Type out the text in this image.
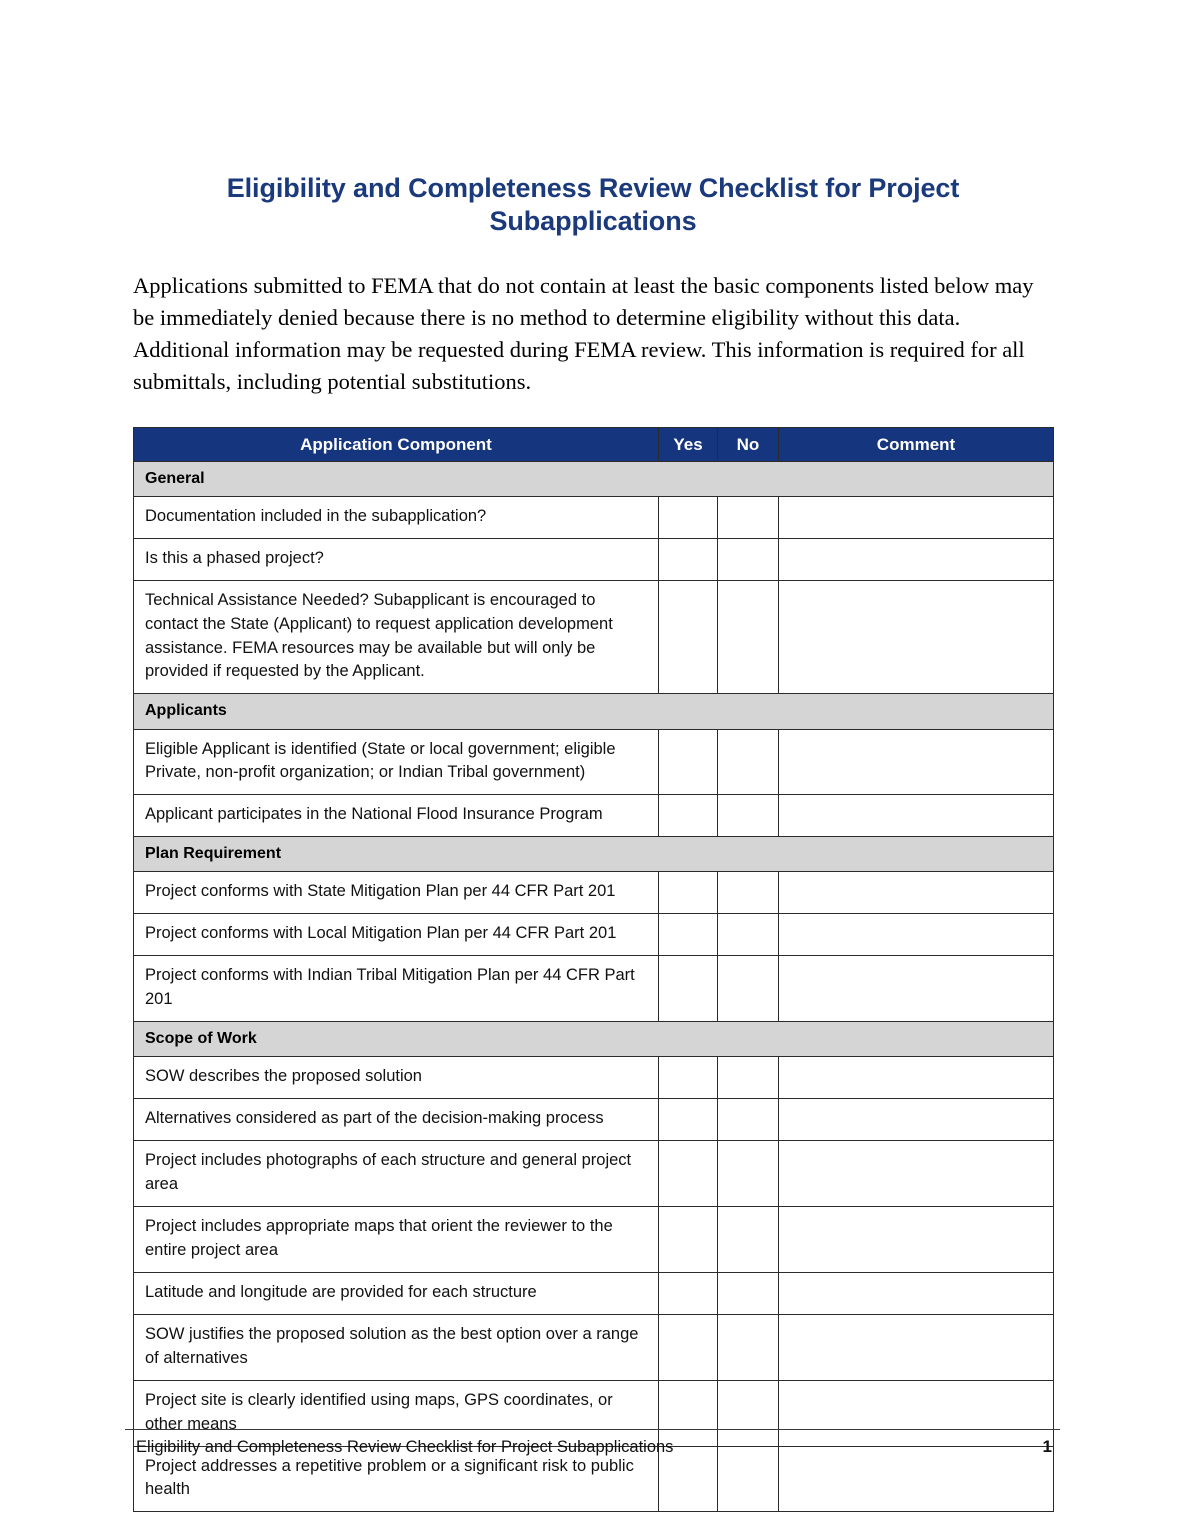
Eligibility and Completeness Review Checklist for Project Subapplications

Applications submitted to FEMA that do not contain at least the basic components listed below may be immediately denied because there is no method to determine eligibility without this data. Additional information may be requested during FEMA review. This information is required for all submittals, including potential substitutions.

Application Component	Yes	No	Comment
General			
Documentation included in the subapplication?			
Is this a phased project?			
Technical Assistance Needed? Subapplicant is encouraged to contact the State (Applicant) to request application development assistance. FEMA resources may be available but will only be provided if requested by the Applicant.			
Applicants			
Eligible Applicant is identified (State or local government; eligible Private, non-profit organization; or Indian Tribal government)			
Applicant participates in the National Flood Insurance Program			
Plan Requirement			
Project conforms with State Mitigation Plan per 44 CFR Part 201			
Project conforms with Local Mitigation Plan per 44 CFR Part 201			
Project conforms with Indian Tribal Mitigation Plan per 44 CFR Part 201			
Scope of Work			
SOW describes the proposed solution			
Alternatives considered as part of the decision-making process			
Project includes photographs of each structure and general project area			
Project includes appropriate maps that orient the reviewer to the entire project area			
Latitude and longitude are provided for each structure			
SOW justifies the proposed solution as the best option over a range of alternatives			
Project site is clearly identified using maps, GPS coordinates, or other means			
Project addresses a repetitive problem or a significant risk to public health			
Eligibility and Completeness Review Checklist for Project Subapplications	1
